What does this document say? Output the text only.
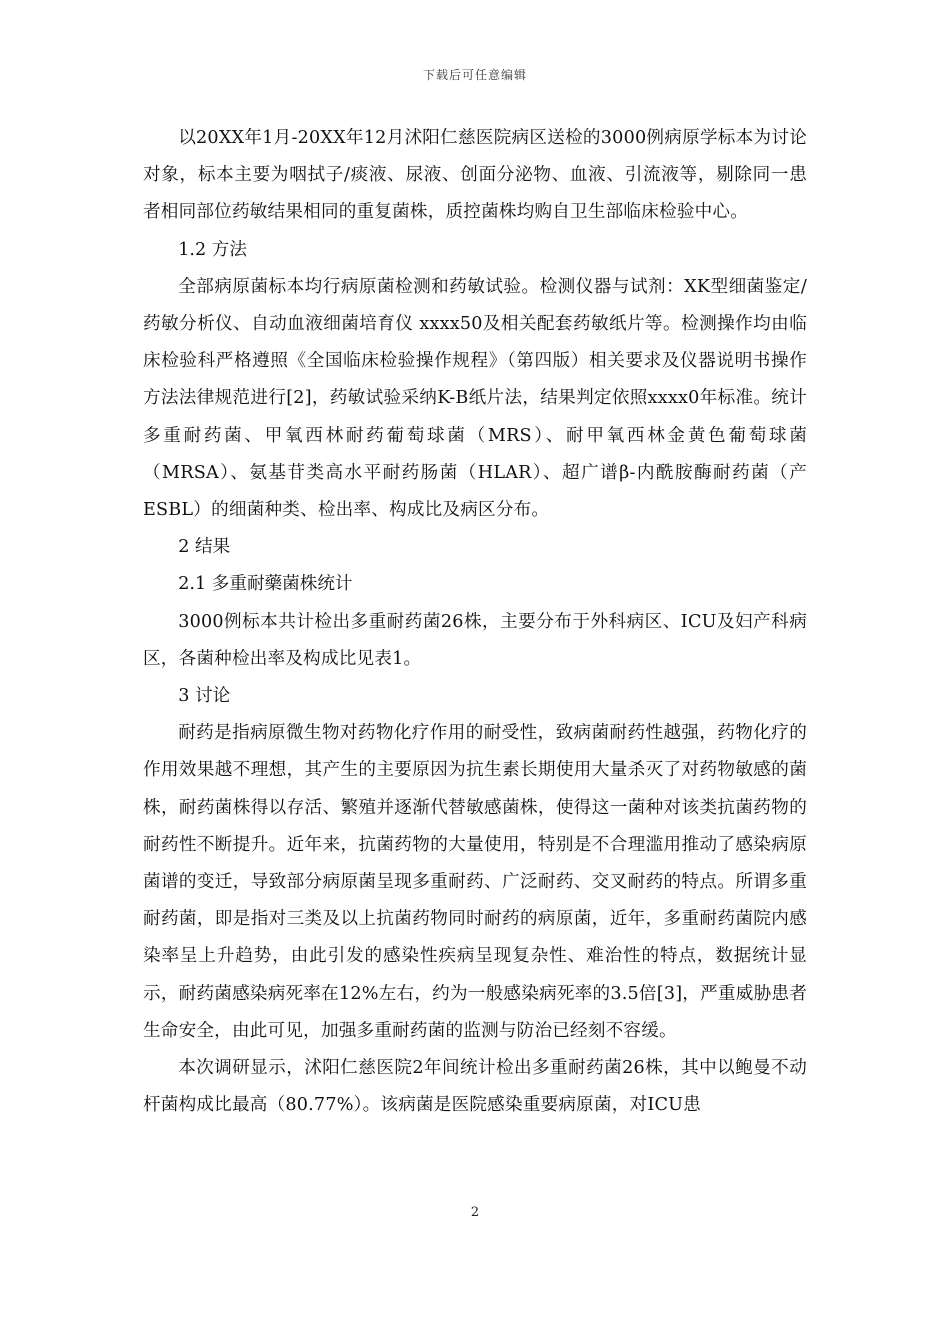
下载后可任意编辑

以20XX年1月-20XX年12月沭阳仁慈医院病区送检的3000例病原学标本为讨论对象，标本主要为咽拭子/痰液、尿液、创面分泌物、血液、引流液等，剔除同一患者相同部位药敏结果相同的重复菌株，质控菌株均购自卫生部临床检验中心。

1.2 方法

全部病原菌标本均行病原菌检测和药敏试验。检测仪器与试剂：XK型细菌鉴定/药敏分析仪、自动血液细菌培育仪 xxxx50及相关配套药敏纸片等。检测操作均由临床检验科严格遵照《全国临床检验操作规程》（第四版）相关要求及仪器说明书操作方法法律规范进行[2]，药敏试验采纳K-B纸片法，结果判定依照xxxx0年标准。统计多重耐药菌、甲氧西林耐药葡萄球菌（MRS）、耐甲氧西林金黄色葡萄球菌（MRSA）、氨基苷类高水平耐药肠菌（HLAR）、超广谱β-内酰胺酶耐药菌（产ESBL）的细菌种类、检出率、构成比及病区分布。

2 结果

2.1 多重耐藥菌株统计

3000例标本共计检出多重耐药菌26株，主要分布于外科病区、ICU及妇产科病区，各菌种检出率及构成比见表1。

3 讨论

耐药是指病原微生物对药物化疗作用的耐受性，致病菌耐药性越强，药物化疗的作用效果越不理想，其产生的主要原因为抗生素长期使用大量杀灭了对药物敏感的菌株，耐药菌株得以存活、繁殖并逐渐代替敏感菌株，使得这一菌种对该类抗菌药物的耐药性不断提升。近年来，抗菌药物的大量使用，特别是不合理滥用推动了感染病原菌谱的变迁，导致部分病原菌呈现多重耐药、广泛耐药、交叉耐药的特点。所谓多重耐药菌，即是指对三类及以上抗菌药物同时耐药的病原菌，近年，多重耐药菌院内感染率呈上升趋势，由此引发的感染性疾病呈现复杂性、难治性的特点，数据统计显示，耐药菌感染病死率在12%左右，约为一般感染病死率的3.5倍[3]，严重威胁患者生命安全，由此可见，加强多重耐药菌的监测与防治已经刻不容缓。

本次调研显示，沭阳仁慈医院2年间统计检出多重耐药菌26株，其中以鲍曼不动杆菌构成比最高（80.77%）。该病菌是医院感染重要病原菌，对ICU患

2
